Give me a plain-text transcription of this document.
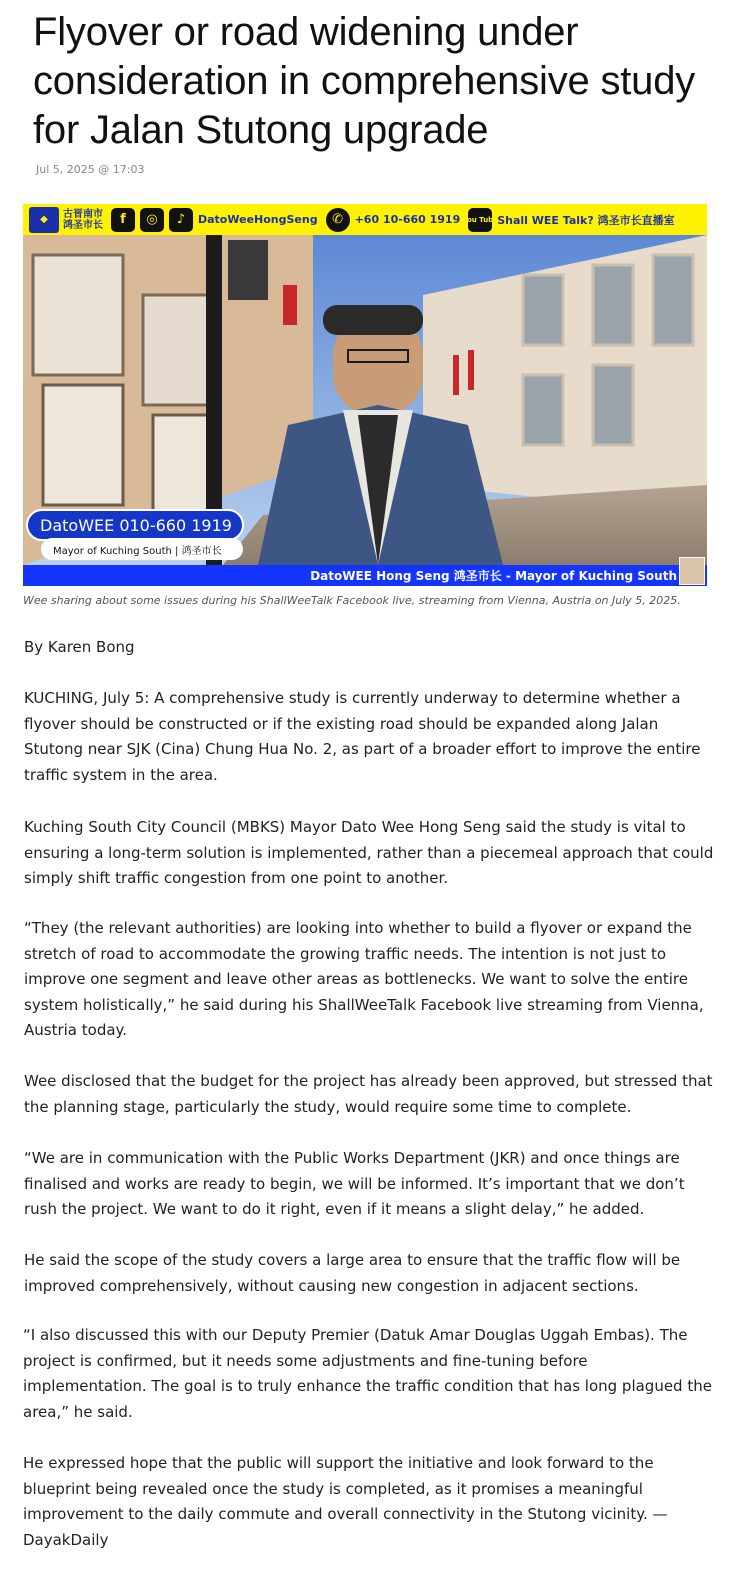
Flyover or road widening under consideration in comprehensive study for Jalan Stutong upgrade
Jul 5, 2025 @ 17:03
◆	古晋南市
鸿圣市长	f	◎	♪	DatoWeeHongSeng	✆	+60 10-660 1919 You Tube Shall WEE Talk? 鸿圣市长直播室
DatoWEE 010-660 1919
Mayor of Kuching South | 鸿圣市长
DatoWEE Hong Seng 鸿圣市长 - Mayor of Kuching South
Wee sharing about some issues during his ShallWeeTalk Facebook live, streaming from Vienna, Austria on July 5, 2025.

By Karen Bong

KUCHING, July 5: A comprehensive study is currently underway to determine whether a flyover should be constructed or if the existing road should be expanded along Jalan Stutong near SJK (Cina) Chung Hua No. 2, as part of a broader effort to improve the entire traffic system in the area.

Kuching South City Council (MBKS) Mayor Dato Wee Hong Seng said the study is vital to ensuring a long-term solution is implemented, rather than a piecemeal approach that could simply shift traffic congestion from one point to another.

“They (the relevant authorities) are looking into whether to build a flyover or expand the stretch of road to accommodate the growing traffic needs. The intention is not just to improve one segment and leave other areas as bottlenecks. We want to solve the entire system holistically,” he said during his ShallWeeTalk Facebook live streaming from Vienna, Austria today.

Wee disclosed that the budget for the project has already been approved, but stressed that the planning stage, particularly the study, would require some time to complete.

“We are in communication with the Public Works Department (JKR) and once things are finalised and works are ready to begin, we will be informed. It’s important that we don’t rush the project. We want to do it right, even if it means a slight delay,” he added.

He said the scope of the study covers a large area to ensure that the traffic flow will be improved comprehensively, without causing new congestion in adjacent sections.

“I also discussed this with our Deputy Premier (Datuk Amar Douglas Uggah Embas). The project is confirmed, but it needs some adjustments and fine-tuning before implementation. The goal is to truly enhance the traffic condition that has long plagued the area,” he said.

He expressed hope that the public will support the initiative and look forward to the blueprint being revealed once the study is completed, as it promises a meaningful improvement to the daily commute and overall connectivity in the Stutong vicinity. — DayakDaily
